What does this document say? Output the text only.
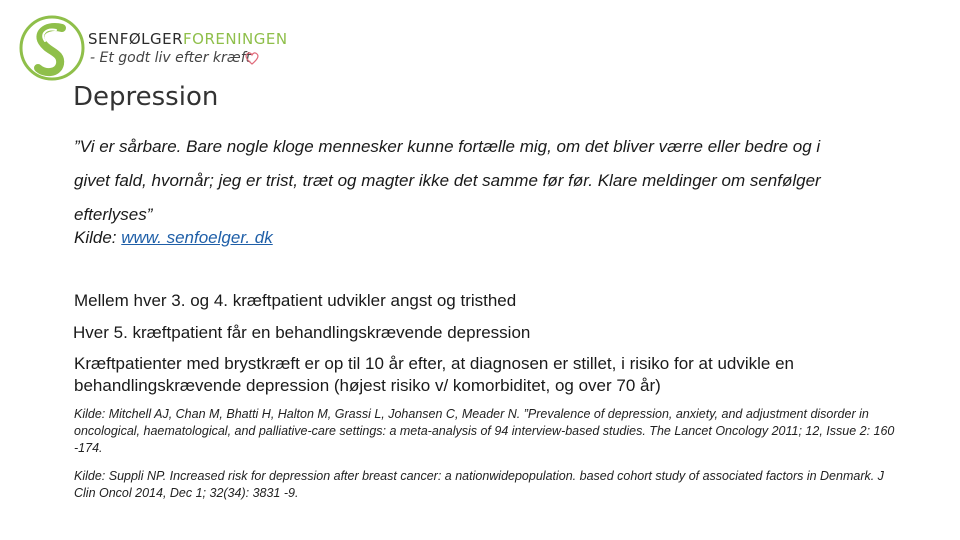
SENFØLGERFORENINGEN
- Et godt liv efter kræft
Depression

”Vi er sårbare. Bare nogle kloge mennesker kunne fortælle mig, om det bliver værre eller bedre og i givet fald, hvornår; jeg er trist, træt og magter ikke det samme før før. Klare meldinger om senfølger efterlyses”

Kilde: www. senfoelger. dk

Mellem hver 3. og 4. kræftpatient udvikler angst og tristhed

Hver 5. kræftpatient får en behandlingskrævende depression

Kræftpatienter med brystkræft er op til 10 år efter, at diagnosen er stillet, i risiko for at udvikle en behandlingskrævende depression (højest risiko v/ komorbiditet, og over 70 år)

Kilde: Mitchell AJ, Chan M, Bhatti H, Halton M, Grassi L, Johansen C, Meader N. ”Prevalence of depression, anxiety, and adjustment disorder in oncological, haematological, and palliative-care settings: a meta-analysis of 94 interview-based studies. The Lancet Oncology 2011; 12, Issue 2: 160 -174.

Kilde: Suppli NP. Increased risk for depression after breast cancer: a nationwidepopulation. based cohort study of associated factors in Denmark. J Clin Oncol 2014, Dec 1; 32(34): 3831 -9.
